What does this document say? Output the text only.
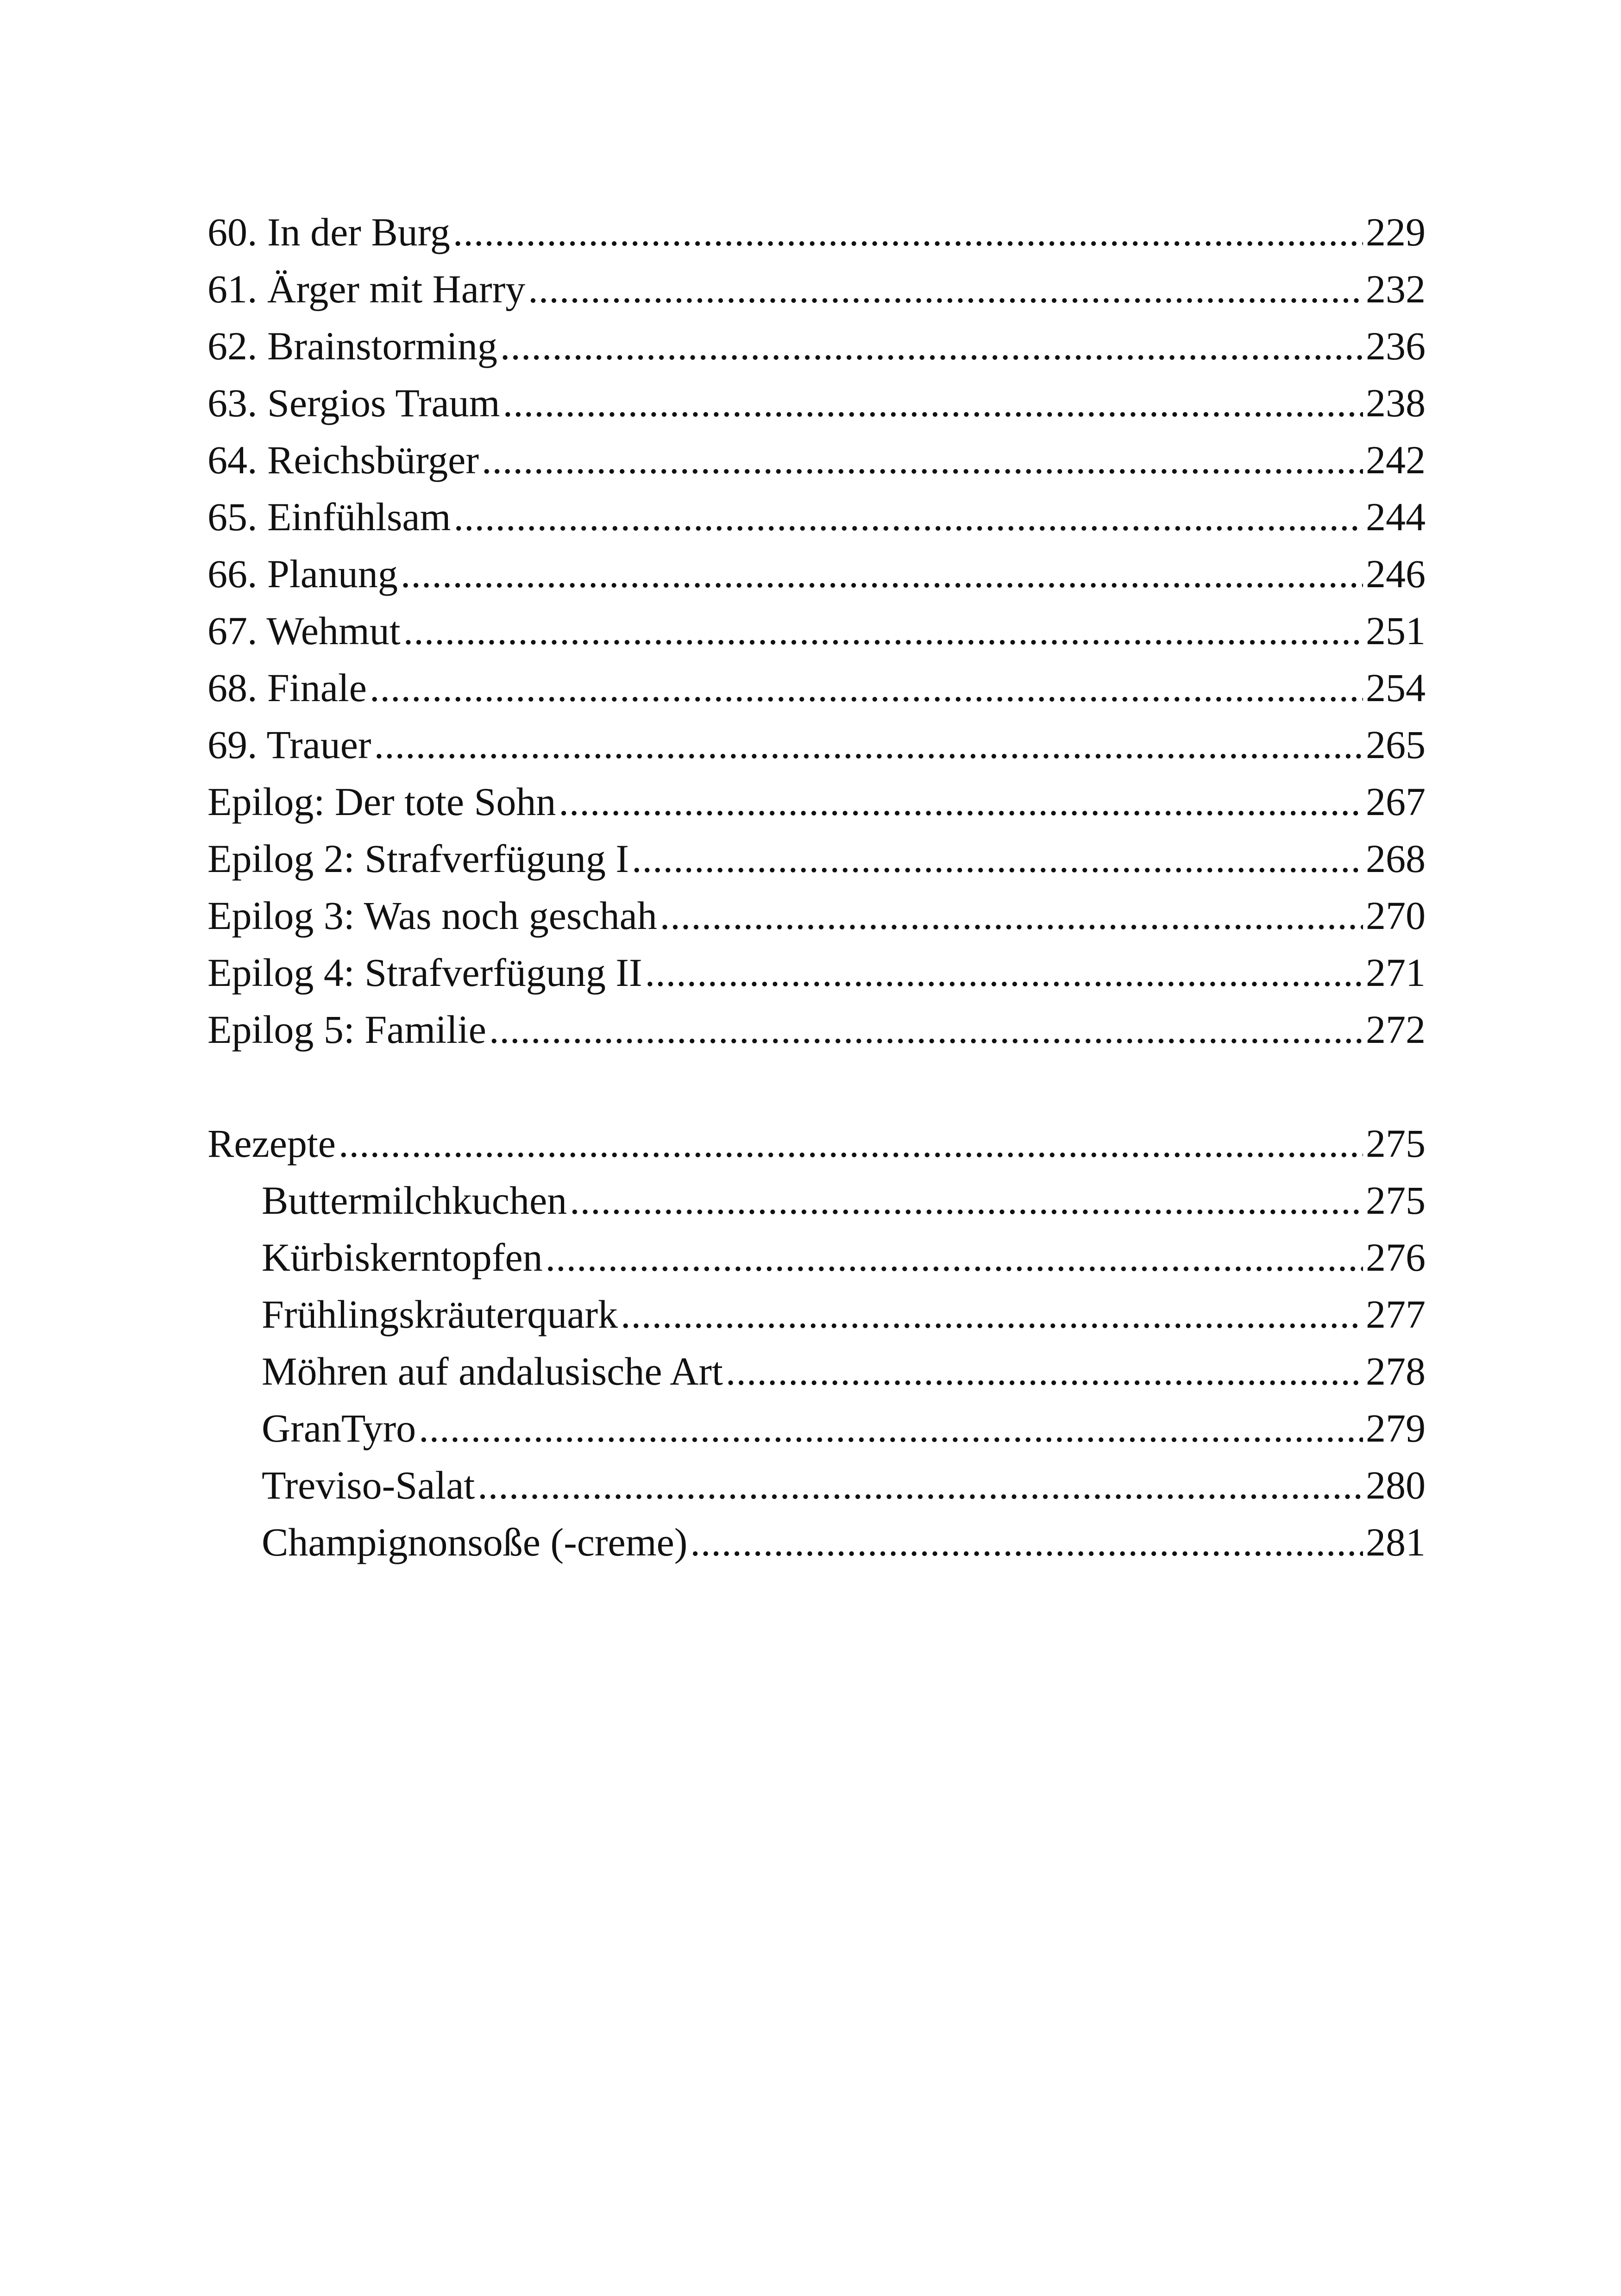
60. In der Burg .....	229
61. Ärger mit Harry .....	232
62. Brainstorming .....	236
63. Sergios Traum .....	238
64. Reichsbürger .....	242
65. Einfühlsam .....	244
66. Planung .....	246
67. Wehmut .....	251
68. Finale .....	254
69. Trauer .....	265
Epilog: Der tote Sohn .....	267
Epilog 2: Strafverfügung I .....	268
Epilog 3: Was noch geschah .....	270
Epilog 4: Strafverfügung II .....	271
Epilog 5: Familie .....	272
Rezepte .....	275
Buttermilchkuchen .....	275
Kürbiskerntopfen .....	276
Frühlingskräuterquark .....	277
Möhren auf andalusische Art .....	278
GranTyro .....	279
Treviso-Salat .....	280
Champignonsoße (-creme) .....	281
